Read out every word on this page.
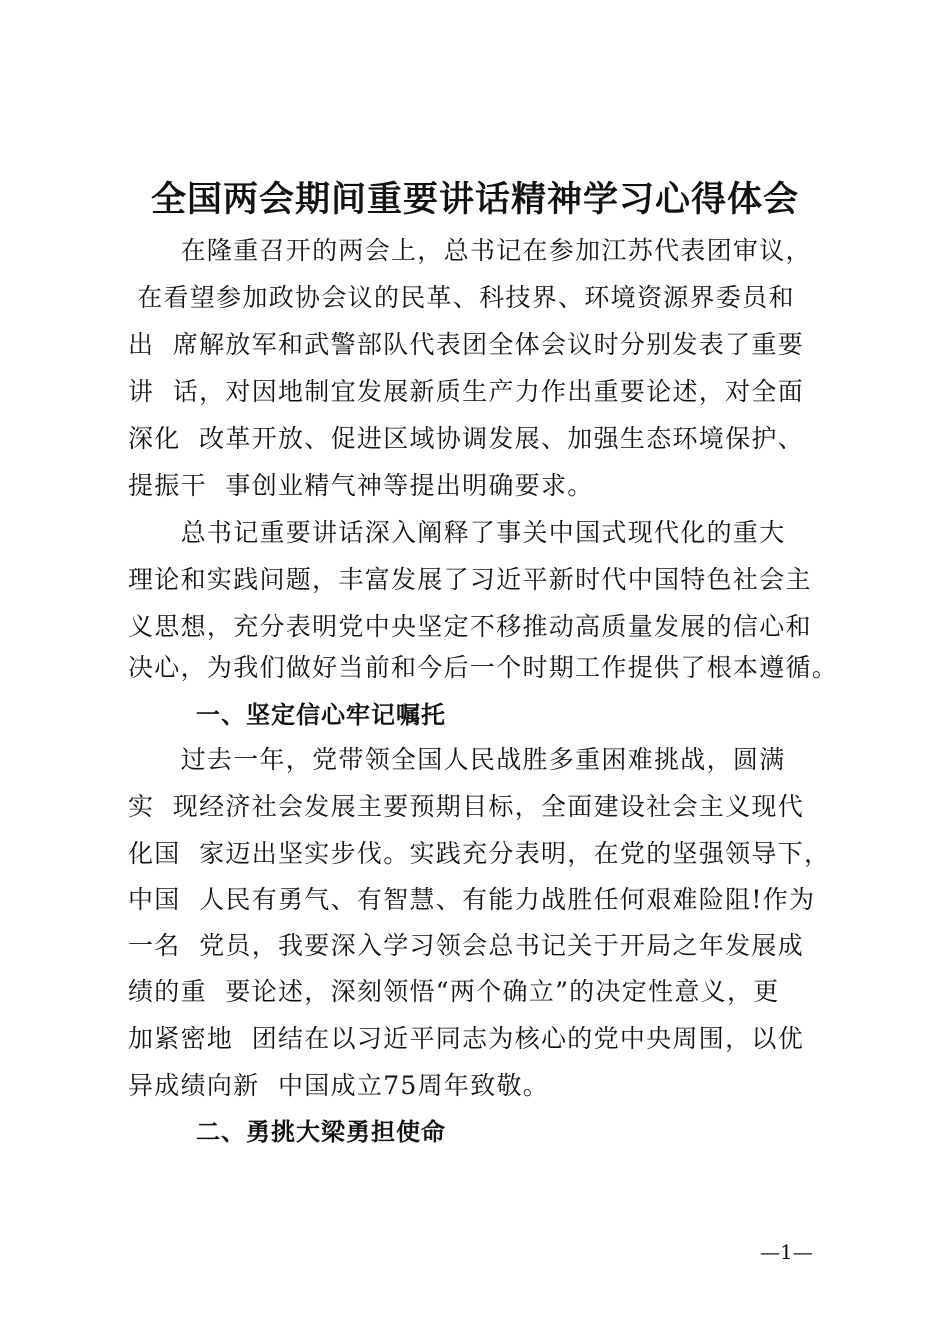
全国两会期间重要讲话精神学习心得体会
　　在隆重召开的两会上，总书记在参加江苏代表团审议，
在看望参加政协会议的民革、科技界、环境资源界委员和
出  席解放军和武警部队代表团全体会议时分别发表了重要
讲  话，对因地制宜发展新质生产力作出重要论述，对全面
深化  改革开放、促进区域协调发展、加强生态环境保护、
提振干  事创业精气神等提出明确要求。
　　总书记重要讲话深入阐释了事关中国式现代化的重大
理论和实践问题，丰富发展了习近平新时代中国特色社会主
义思想，充分表明党中央坚定不移推动高质量发展的信心和
决心，为我们做好当前和今后一个时期工作提供了根本遵循。
一、坚定信心牢记嘱托
　　过去一年，党带领全国人民战胜多重困难挑战，圆满
实  现经济社会发展主要预期目标，全面建设社会主义现代
化国  家迈出坚实步伐。实践充分表明，在党的坚强领导下，
中国  人民有勇气、有智慧、有能力战胜任何艰难险阻!作为
一名  党员，我要深入学习领会总书记关于开局之年发展成
绩的重  要论述，深刻领悟“两个确立”的决定性意义，更
加紧密地  团结在以习近平同志为核心的党中央周围，以优
异成绩向新  中国成立75周年致敬。
二、勇挑大梁勇担使命
—1—
